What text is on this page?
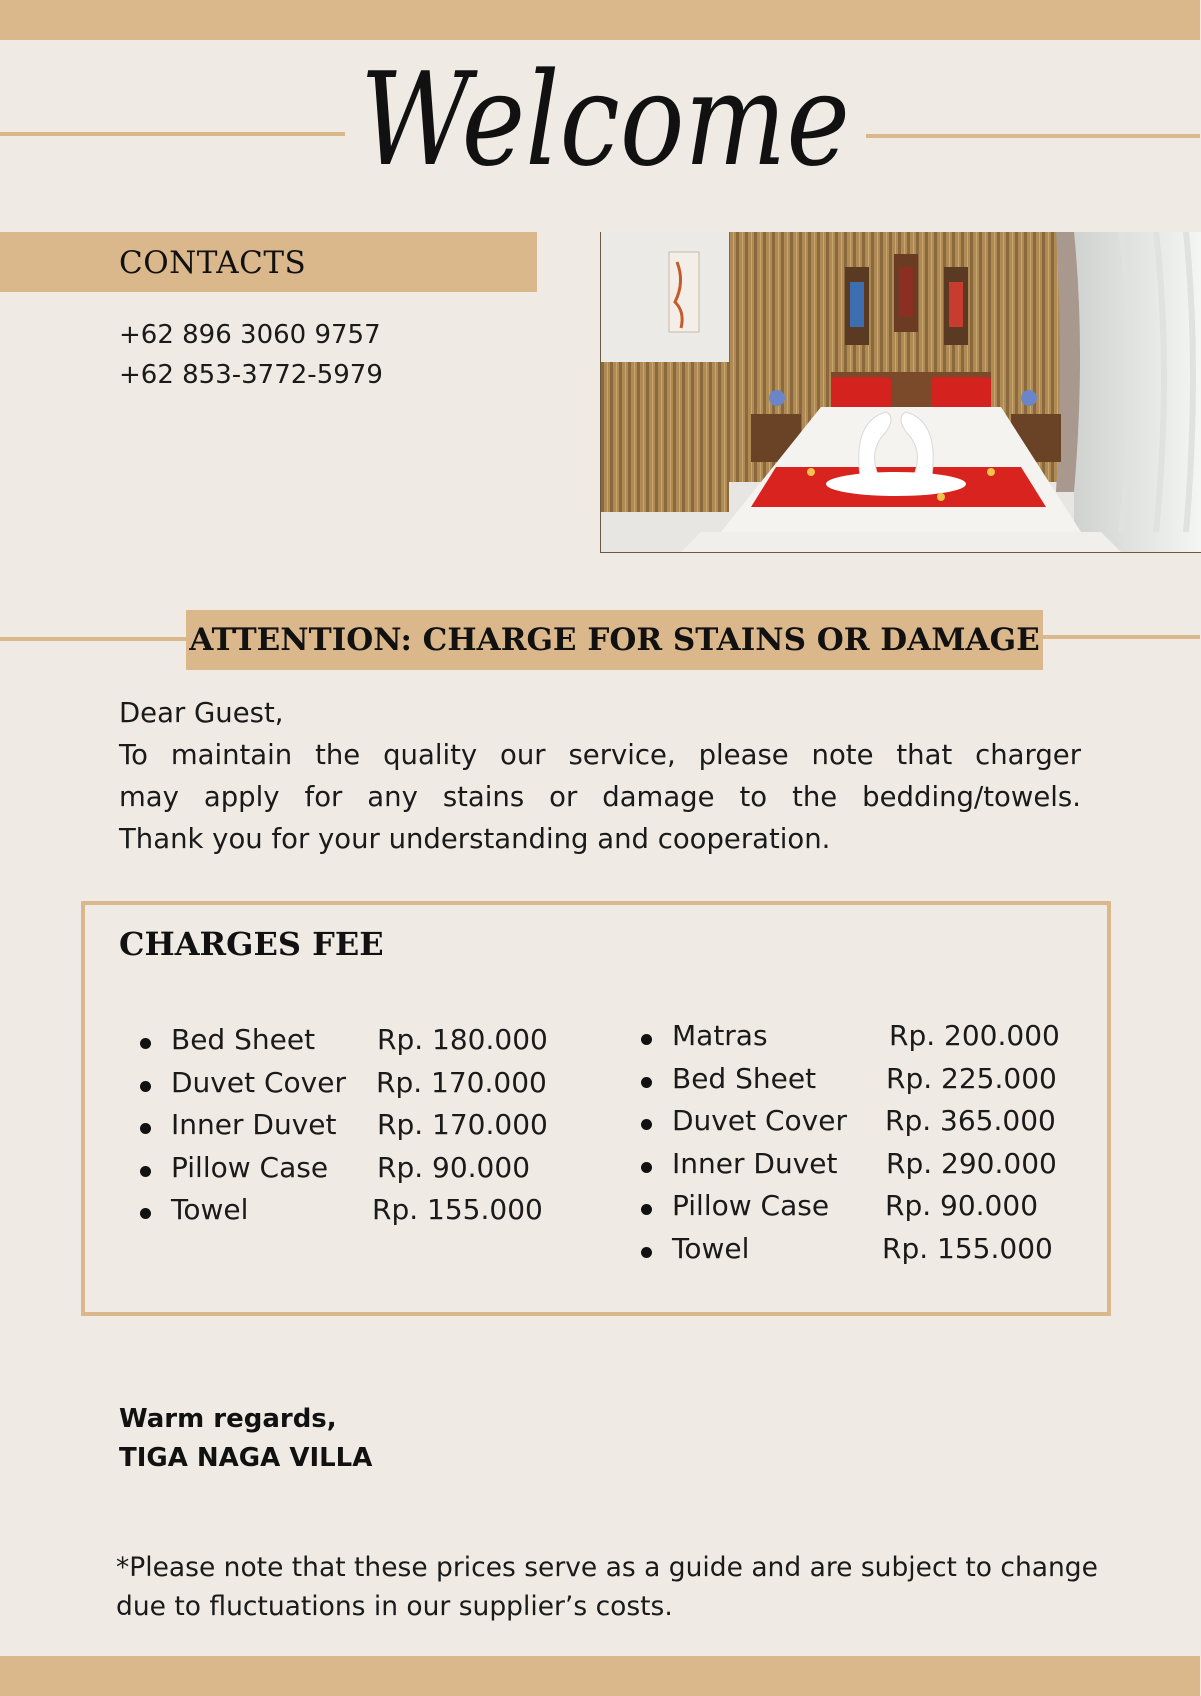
Welcome
CONTACTS
+62 896 3060 9757
+62 853-3772-5979
ATTENTION: CHARGE FOR STAINS OR DAMAGE
Dear Guest,
To maintain the quality our service, please note that charger
may apply for any stains or damage to the bedding/towels.
Thank you for your understanding and cooperation.
CHARGES FEE
Bed Sheet Rp. 180.000
Duvet Cover Rp. 170.000
Inner Duvet Rp. 170.000
Pillow Case Rp. 90.000
Towel	Rp. 155.000
Matras	Rp. 200.000
Bed Sheet Rp. 225.000
Duvet Cover Rp. 365.000
Inner Duvet Rp. 290.000
Pillow Case Rp. 90.000
Towel	Rp. 155.000
Warm regards,
TIGA NAGA VILLA
*Please note that these prices serve as a guide and are subject to change
due to fluctuations in our supplier’s costs.
